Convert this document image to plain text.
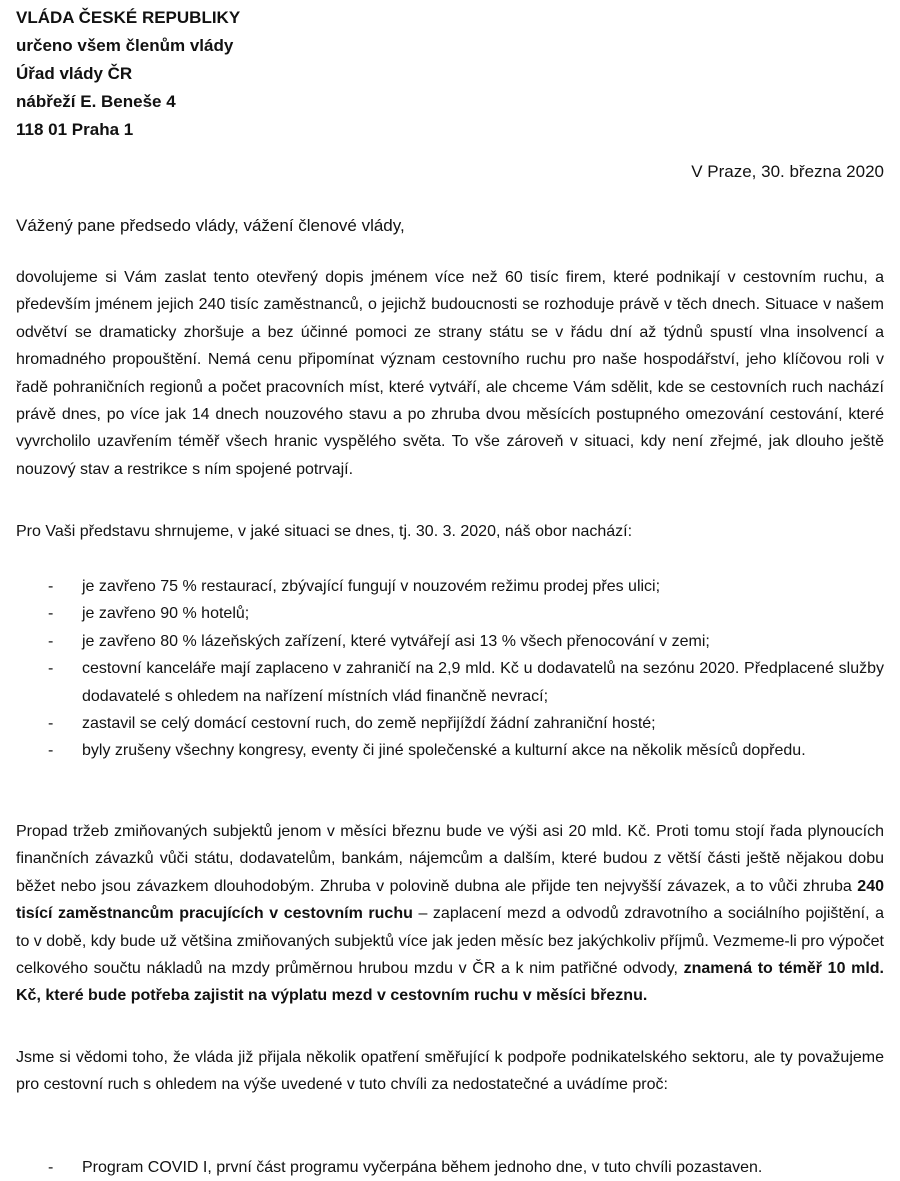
VLÁDA ČESKÉ REPUBLIKY
určeno všem členům vlády
Úřad vlády ČR
nábřeží E. Beneše 4
118 01 Praha 1
V Praze, 30. března 2020
Vážený pane předsedo vlády, vážení členové vlády,
dovolujeme si Vám zaslat tento otevřený dopis jménem více než 60 tisíc firem, které podnikají v cestovním ruchu, a především jménem jejich 240 tisíc zaměstnanců, o jejichž budoucnosti se rozhoduje právě v těch dnech. Situace v našem odvětví se dramaticky zhoršuje a bez účinné pomoci ze strany státu se v řádu dní až týdnů spustí vlna insolvencí a hromadného propouštění. Nemá cenu připomínat význam cestovního ruchu pro naše hospodářství, jeho klíčovou roli v řadě pohraničních regionů a počet pracovních míst, které vytváří, ale chceme Vám sdělit, kde se cestovních ruch nachází právě dnes, po více jak 14 dnech nouzového stavu a po zhruba dvou měsících postupného omezování cestování, které vyvrcholilo uzavřením téměř všech hranic vyspělého světa. To vše zároveň v situaci, kdy není zřejmé, jak dlouho ještě nouzový stav a restrikce s ním spojené potrvají.
Pro Vaši představu shrnujeme, v jaké situaci se dnes, tj. 30. 3. 2020, náš obor nachází:
- je zavřeno 75 % restaurací, zbývající fungují v nouzovém režimu prodej přes ulici;
- je zavřeno 90 % hotelů;
- je zavřeno 80 % lázeňských zařízení, které vytvářejí asi 13 % všech přenocování v zemi;
- cestovní kanceláře mají zaplaceno v zahraničí na 2,9 mld. Kč u dodavatelů na sezónu 2020. Předplacené služby dodavatelé s ohledem na nařízení místních vlád finančně nevrací;
- zastavil se celý domácí cestovní ruch, do země nepřijíždí žádní zahraniční hosté;
- byly zrušeny všechny kongresy, eventy či jiné společenské a kulturní akce na několik měsíců dopředu.
Propad tržeb zmiňovaných subjektů jenom v měsíci březnu bude ve výši asi 20 mld. Kč. Proti tomu stojí řada plynoucích finančních závazků vůči státu, dodavatelům, bankám, nájemcům a dalším, které budou z větší části ještě nějakou dobu běžet nebo jsou závazkem dlouhodobým. Zhruba v polovině dubna ale přijde ten nejvyšší závazek, a to vůči zhruba 240 tisící zaměstnancům pracujících v cestovním ruchu – zaplacení mezd a odvodů zdravotního a sociálního pojištění, a to v době, kdy bude už většina zmiňovaných subjektů více jak jeden měsíc bez jakýchkoliv příjmů. Vezmeme-li pro výpočet celkového součtu nákladů na mzdy průměrnou hrubou mzdu v ČR a k nim patřičné odvody, znamená to téměř 10 mld. Kč, které bude potřeba zajistit na výplatu mezd v cestovním ruchu v měsíci březnu.
Jsme si vědomi toho, že vláda již přijala několik opatření směřující k podpoře podnikatelského sektoru, ale ty považujeme pro cestovní ruch s ohledem na výše uvedené v tuto chvíli za nedostatečné a uvádíme proč:
- Program COVID I, první část programu vyčerpána během jednoho dne, v tuto chvíli pozastaven.
